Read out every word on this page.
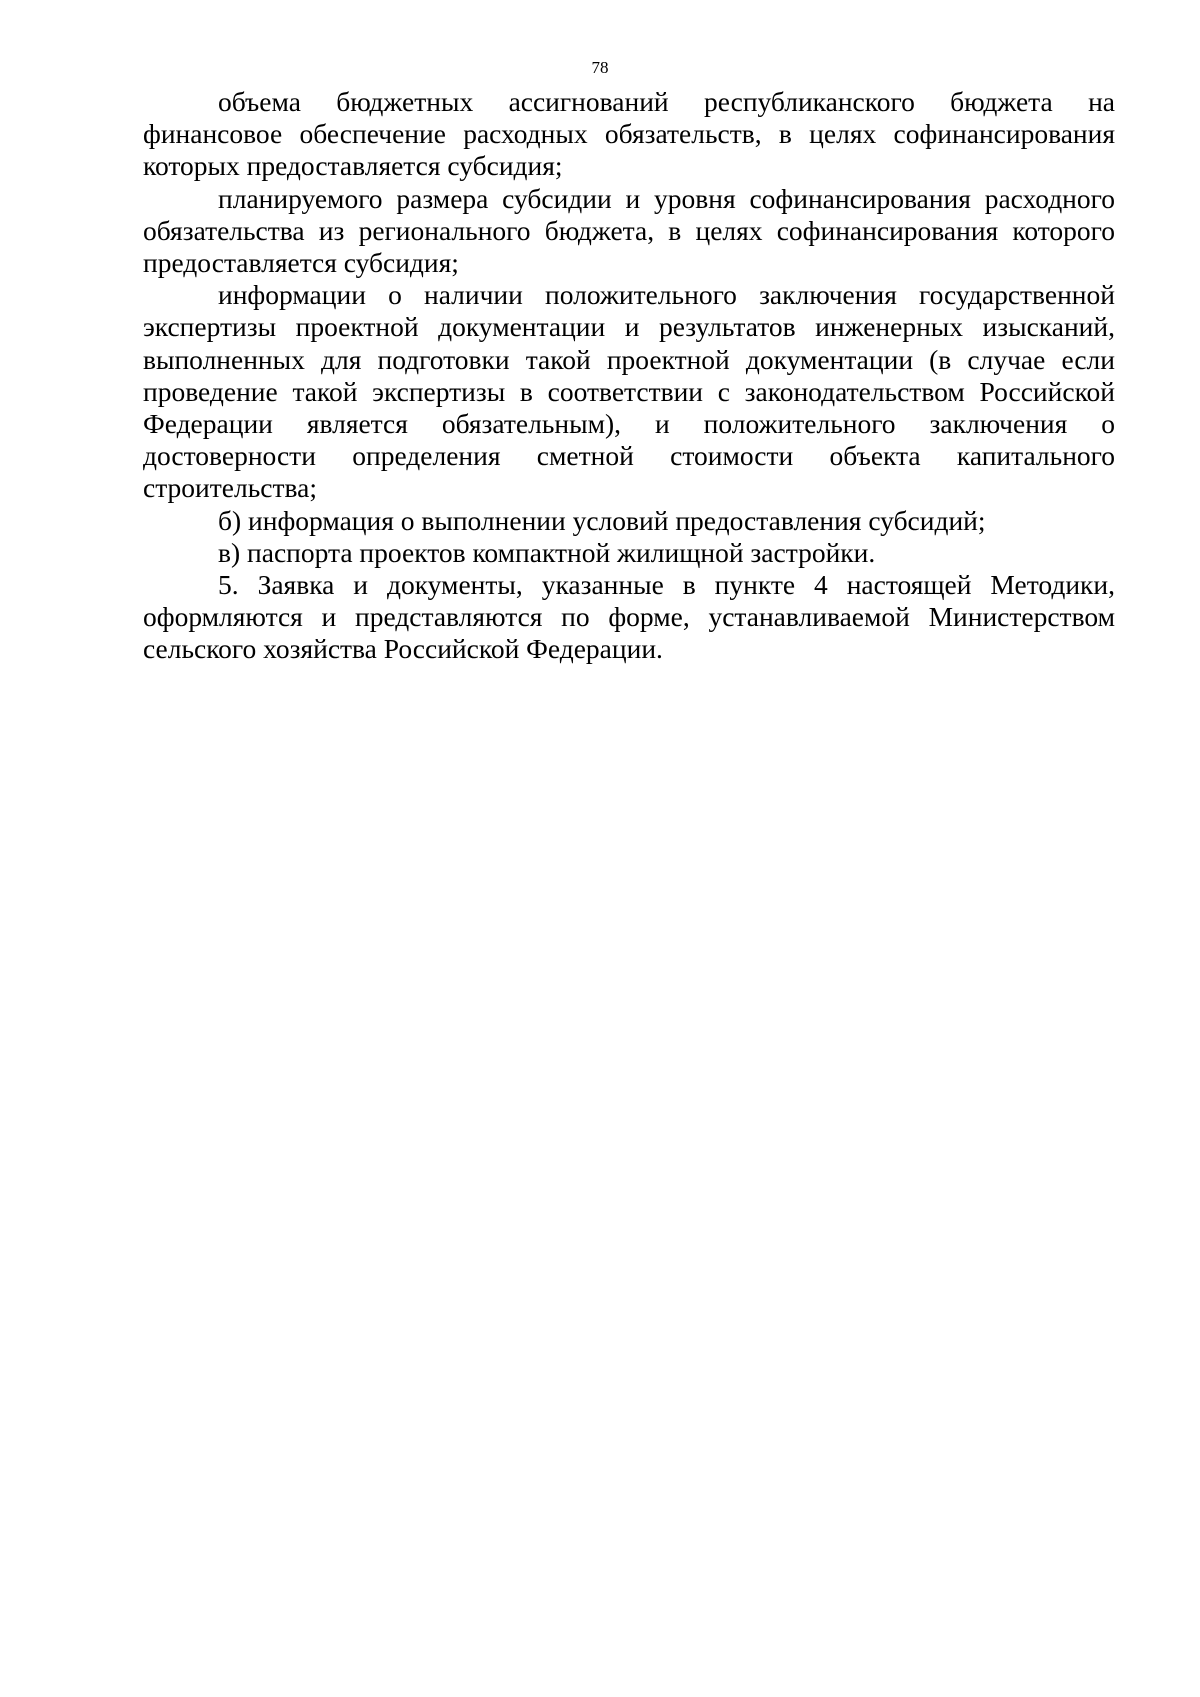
78

объема бюджетных ассигнований республиканского бюджета на финансовое обеспечение расходных обязательств, в целях софинансирования которых предоставляется субсидия;

планируемого размера субсидии и уровня софинансирования расходного обязательства из регионального бюджета, в целях софинансирования которого предоставляется субсидия;

информации о наличии положительного заключения государственной экспертизы проектной документации и результатов инженерных изысканий, выполненных для подготовки такой проектной документации (в случае если проведение такой экспертизы в соответствии с законодательством Российской Федерации является обязательным), и положительного заключения о достоверности определения сметной стоимости объекта капитального строительства;

б) информация о выполнении условий предоставления субсидий;

в) паспорта проектов компактной жилищной застройки.

5. Заявка и документы, указанные в пункте 4 настоящей Методики, оформляются и представляются по форме, устанавливаемой Министерством сельского хозяйства Российской Федерации.
